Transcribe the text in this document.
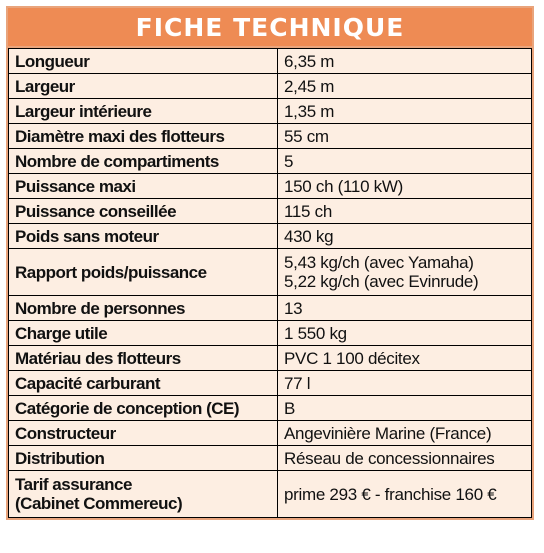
FICHE TECHNIQUE
Longueur	6,35 m
Largeur	2,45 m
Largeur intérieure	1,35 m
Diamètre maxi des flotteurs	55 cm
Nombre de compartiments	5
Puissance maxi	150 ch (110 kW)
Puissance conseillée	115 ch
Poids sans moteur	430 kg
Rapport poids/puissance	5,43 kg/ch (avec Yamaha)
5,22 kg/ch (avec Evinrude)

Nombre de personnes	13
Charge utile	1 550 kg
Matériau des flotteurs	PVC 1 100 décitex
Capacité carburant	77 l
Catégorie de conception (CE)	B
Constructeur	Angevinière Marine (France)
Distribution	Réseau de concessionnaires

Tarif assurance
(Cabinet Commereuc)	prime 293 € - franchise 160 €
